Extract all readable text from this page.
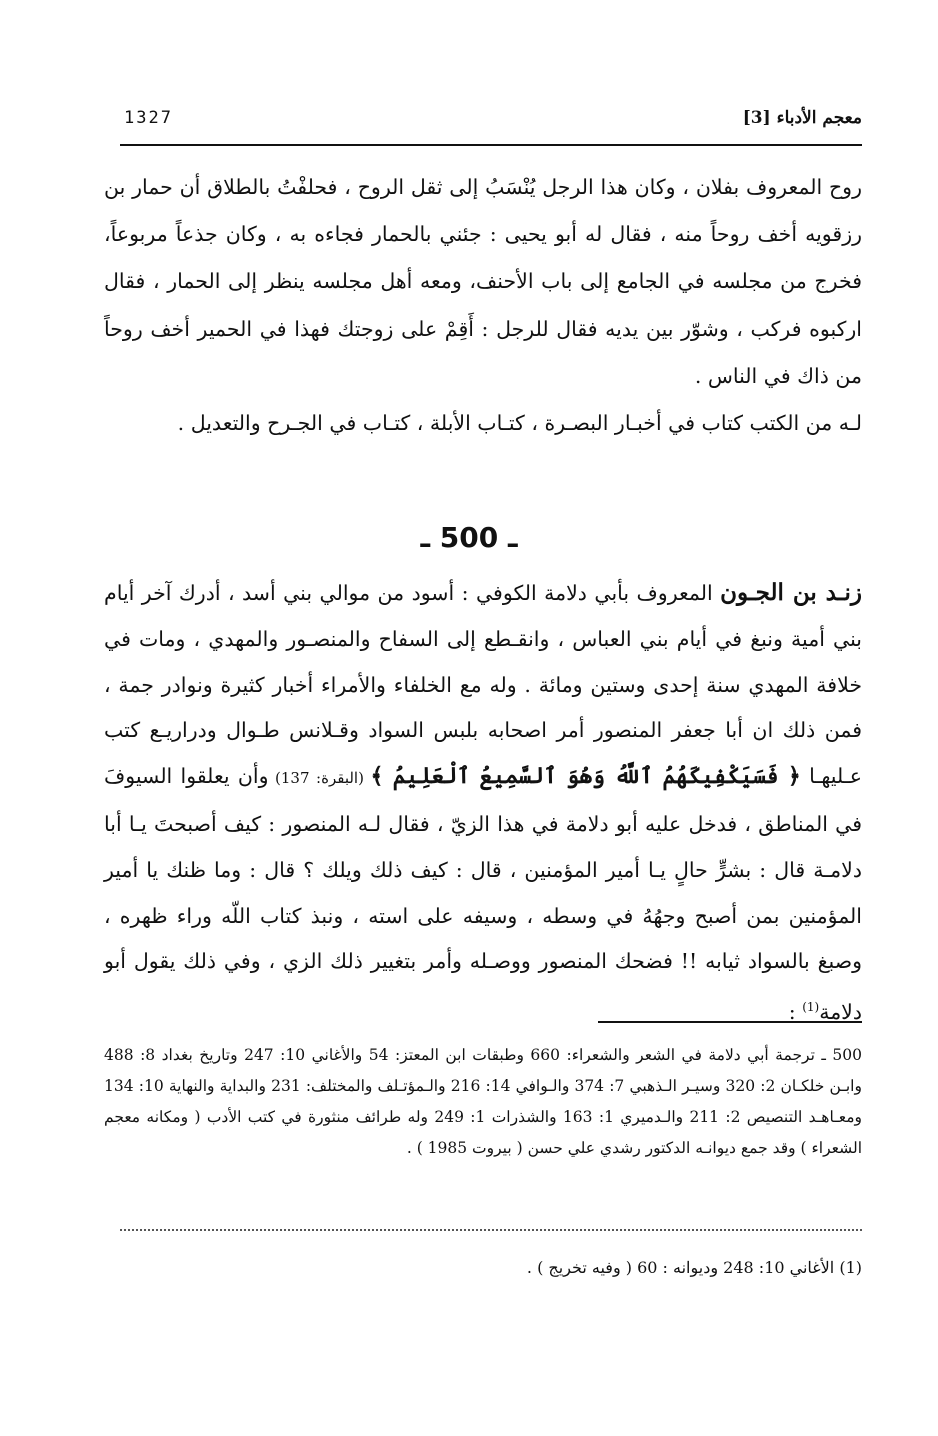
1327	معجم الأدباء [3]

روح المعروف بفلان ، وكان هذا الرجل يُنْسَبُ إلى ثقل الروح ، فحلفْتُ بالطلاق أن حمار بن رزقويه أخف روحاً منه ، فقال له أبو يحيى : جئني بالحمار فجاءه به ، وكان جذعاً مربوعاً، فخرج من مجلسه في الجامع إلى باب الأحنف، ومعه أهل مجلسه ينظر إلى الحمار ، فقال اركبوه فركب ، وشوّر بين يديه فقال للرجل : أَقِمْ على زوجتك فهذا في الحمير أخف روحاً من ذاك في الناس .

لـه من الكتب كتاب في أخبـار البصـرة ، كتـاب الأبلة ، كتـاب في الجـرح والتعديل .

ـ 500 ـ

زنـد بن الجـون المعروف بأبي دلامة الكوفي : أسود من موالي بني أسد ، أدرك آخر أيام بني أمية ونبغ في أيام بني العباس ، وانقـطع إلى السفاح والمنصـور والمهدي ، ومات في خلافة المهدي سنة إحدى وستين ومائة . وله مع الخلفاء والأمراء أخبار كثيرة ونوادر جمة ، فمن ذلك ان أبا جعفر المنصور أمر اصحابه بلبس السواد وقـلانس طـوال ودراريـع كتب عـليهـا ﴿ فَسَيَكْفِيكَهُمُ ٱللَّهُ وَهُوَ ٱلسَّمِيعُ ٱلْعَلِيمُ ﴾ (البقرة: 137) وأن يعلقوا السيوفَ في المناطق ، فدخل عليه أبو دلامة في هذا الزيّ ، فقال لـه المنصور : كيف أصبحتَ يـا أبا دلامـة قال : بشرٍّ حالٍ يـا أمير المؤمنين ، قال : كيف ذلك ويلك ؟ قال : وما ظنك يا أمير المؤمنين بمن أصبح وجهُهُ في وسطه ، وسيفه على استه ، ونبذ كتاب اللّه وراء ظهره ، وصبغ بالسواد ثيابه !! فضحك المنصور ووصـله وأمر بتغيير ذلك الزي ، وفي ذلك يقول أبو دلامة$^{(1)}$ :

500 ـ ترجمة أبي دلامة في الشعر والشعراء: 660 وطبقات ابن المعتز: 54 والأغاني 10: 247 وتاريخ بغداد 8: 488 وابـن خلكـان 2: 320 وسيـر الـذهبي 7: 374 والـوافي 14: 216 والـمؤتـلف والمختلف: 231 والبداية والنهاية 10: 134 ومعـاهـد التنصيص 2: 211 والـدميري 1: 163 والشذرات 1: 249 وله طرائف منثورة في كتب الأدب ( ومكانه معجم الشعراء ) وقد جمع ديوانـه الدكتور رشدي علي حسن ( بيروت 1985 ) .

(1) الأغاني 10: 248 وديوانه : 60 ( وفيه تخريج ) .
